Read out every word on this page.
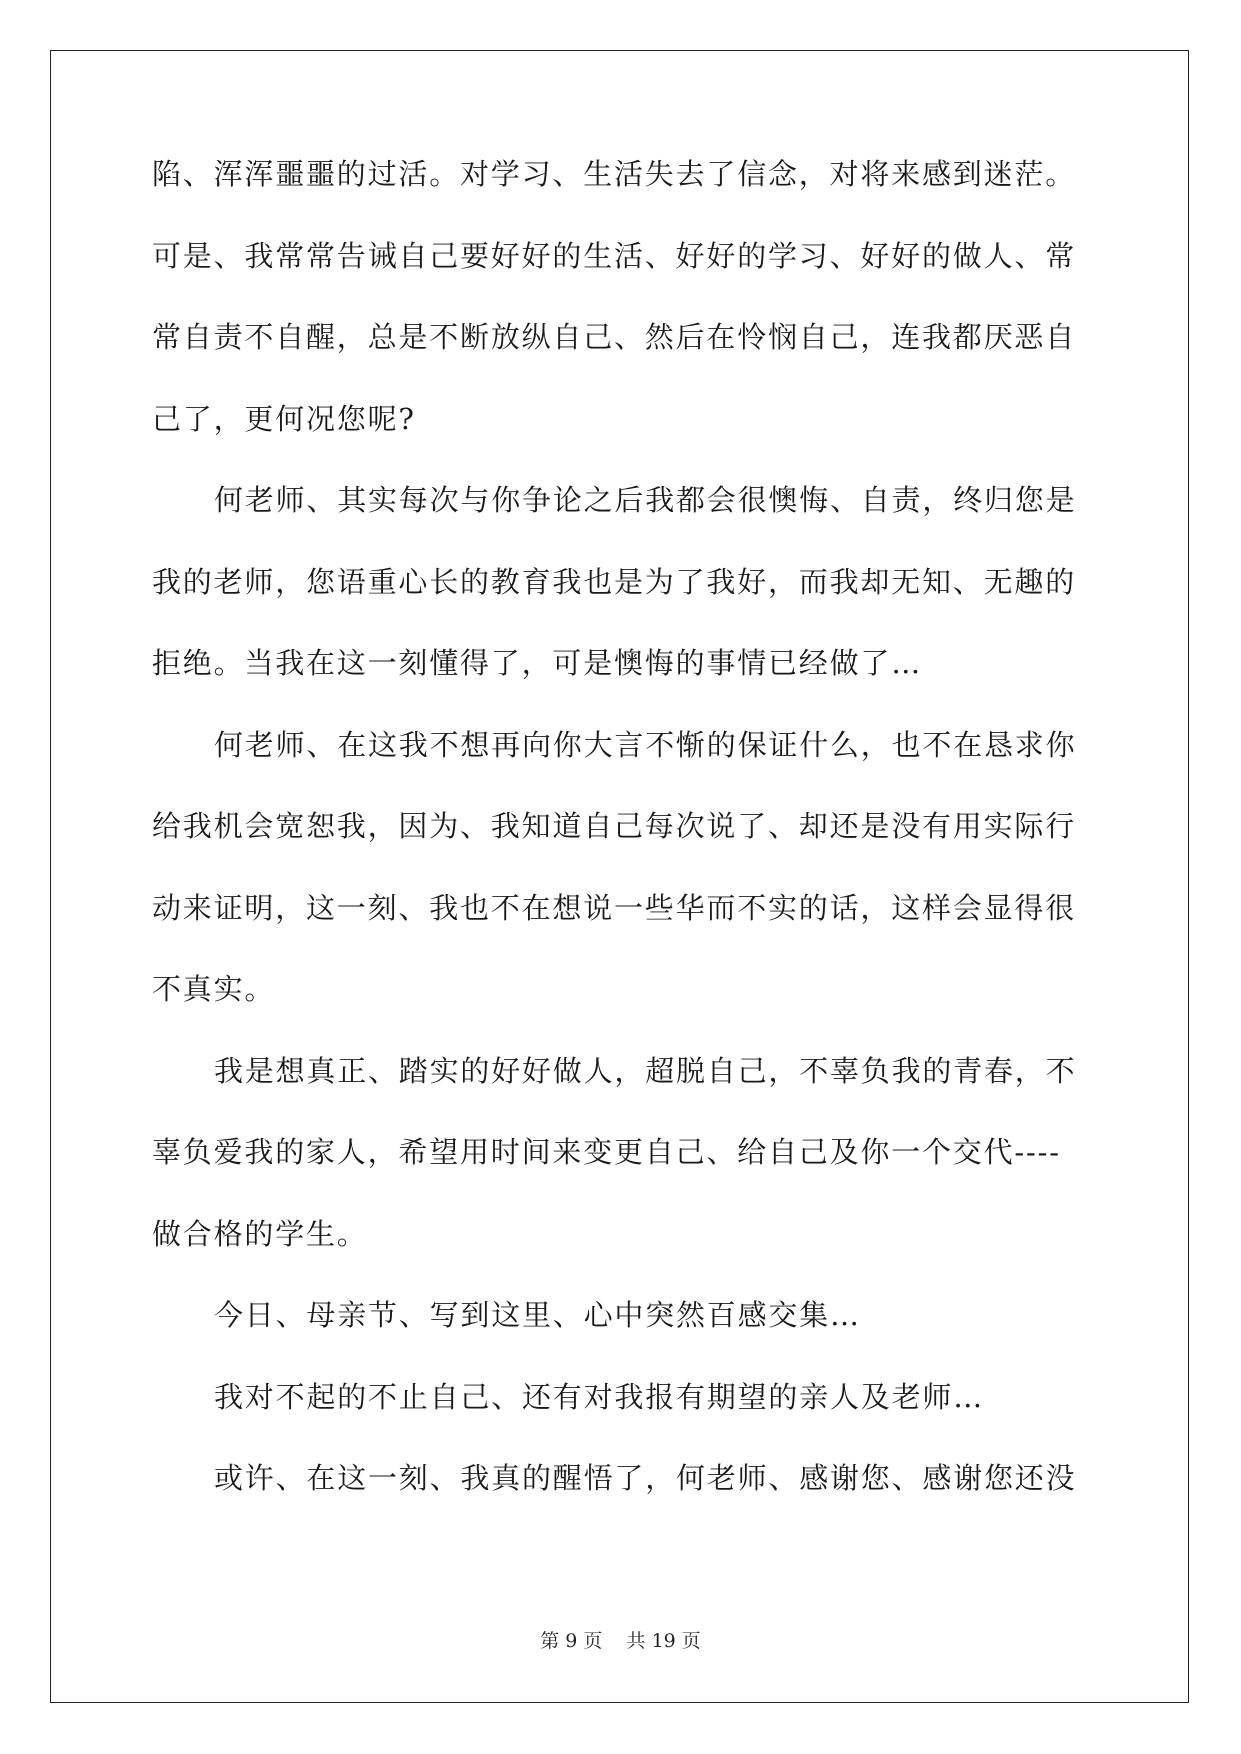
陷、浑浑噩噩的过活。对学习、生活失去了信念，对将来感到迷茫。
可是、我常常告诫自己要好好的生活、好好的学习、好好的做人、常
常自责不自醒，总是不断放纵自己、然后在怜悯自己，连我都厌恶自
己了，更何况您呢?
何老师、其实每次与你争论之后我都会很懊悔、自责，终归您是
我的老师，您语重心长的教育我也是为了我好，而我却无知、无趣的
拒绝。当我在这一刻懂得了，可是懊悔的事情已经做了…
何老师、在这我不想再向你大言不惭的保证什么，也不在恳求你
给我机会宽恕我，因为、我知道自己每次说了、却还是没有用实际行
动来证明，这一刻、我也不在想说一些华而不实的话，这样会显得很
不真实。
我是想真正、踏实的好好做人，超脱自己，不辜负我的青春，不
辜负爱我的家人，希望用时间来变更自己、给自己及你一个交代----
做合格的学生。
今日、母亲节、写到这里、心中突然百感交集…
我对不起的不止自己、还有对我报有期望的亲人及老师…
或许、在这一刻、我真的醒悟了，何老师、感谢您、感谢您还没
第 9 页    共 19 页
